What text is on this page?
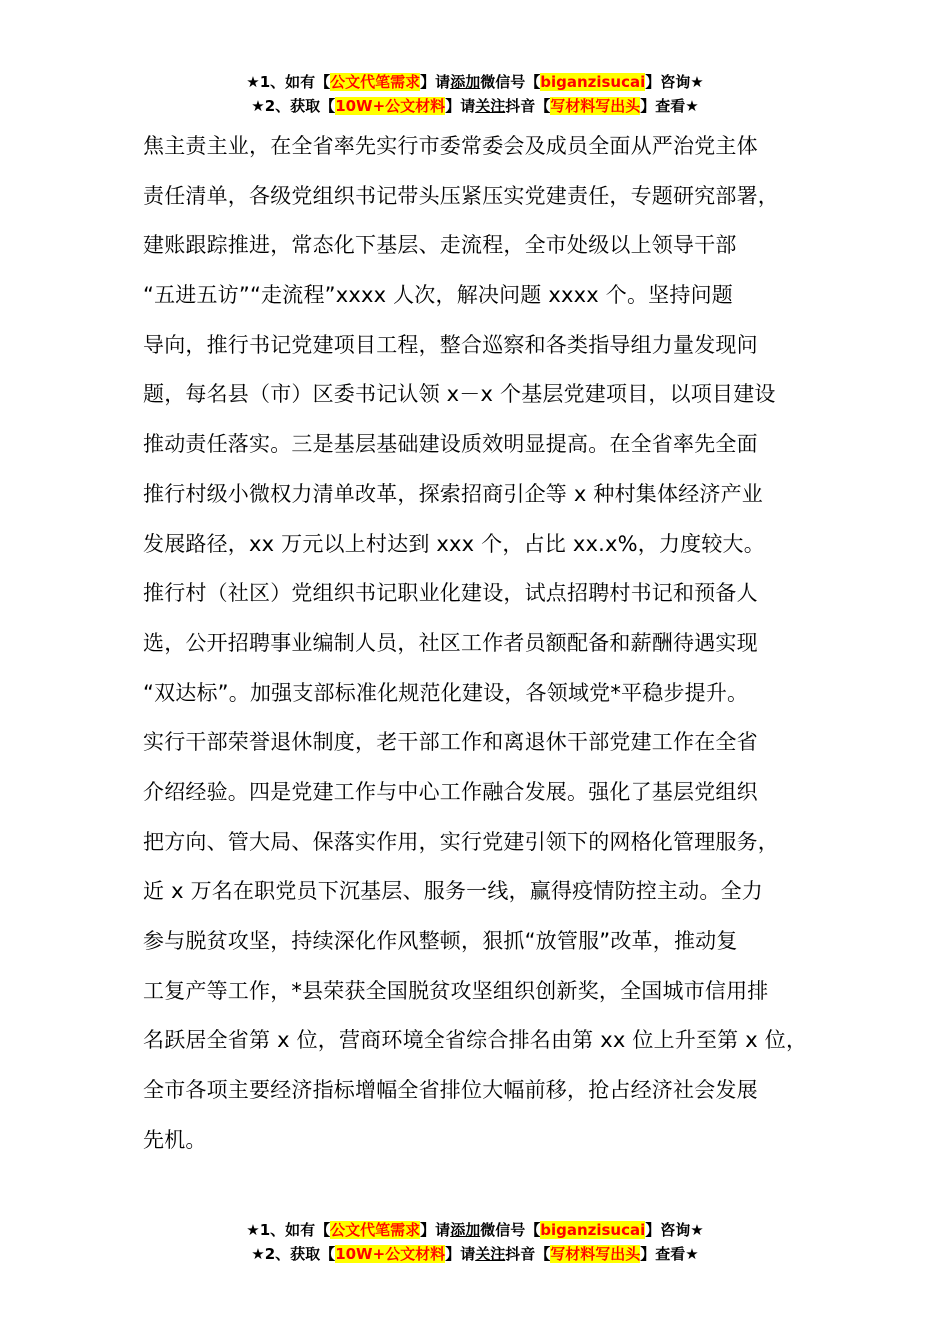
★1、如有【公文代笔需求】请添加微信号【biganzisucai】咨询★
★2、获取【10W+公文材料】请关注抖音【写材料写出头】查看★
焦主责主业，在全省率先实行市委常委会及成员全面从严治党主体
责任清单，各级党组织书记带头压紧压实党建责任，专题研究部署，
建账跟踪推进，常态化下基层、走流程，全市处级以上领导干部
“五进五访”“走流程”xxxx 人次，解决问题 xxxx 个。坚持问题
导向，推行书记党建项目工程，整合巡察和各类指导组力量发现问
题，每名县（市）区委书记认领 x－x 个基层党建项目，以项目建设
推动责任落实。三是基层基础建设质效明显提高。在全省率先全面
推行村级小微权力清单改革，探索招商引企等 x 种村集体经济产业
发展路径，xx 万元以上村达到 xxx 个，占比 xx.x%，力度较大。
推行村（社区）党组织书记职业化建设，试点招聘村书记和预备人
选，公开招聘事业编制人员，社区工作者员额配备和薪酬待遇实现
“双达标”。加强支部标准化规范化建设，各领域党*平稳步提升。
实行干部荣誉退休制度，老干部工作和离退休干部党建工作在全省
介绍经验。四是党建工作与中心工作融合发展。强化了基层党组织
把方向、管大局、保落实作用，实行党建引领下的网格化管理服务，
近 x 万名在职党员下沉基层、服务一线，赢得疫情防控主动。全力
参与脱贫攻坚，持续深化作风整顿，狠抓“放管服”改革，推动复
工复产等工作，*县荣获全国脱贫攻坚组织创新奖，全国城市信用排
名跃居全省第 x 位，营商环境全省综合排名由第 xx 位上升至第 x 位，
全市各项主要经济指标增幅全省排位大幅前移，抢占经济社会发展
先机。
★1、如有【公文代笔需求】请添加微信号【biganzisucai】咨询★
★2、获取【10W+公文材料】请关注抖音【写材料写出头】查看★
